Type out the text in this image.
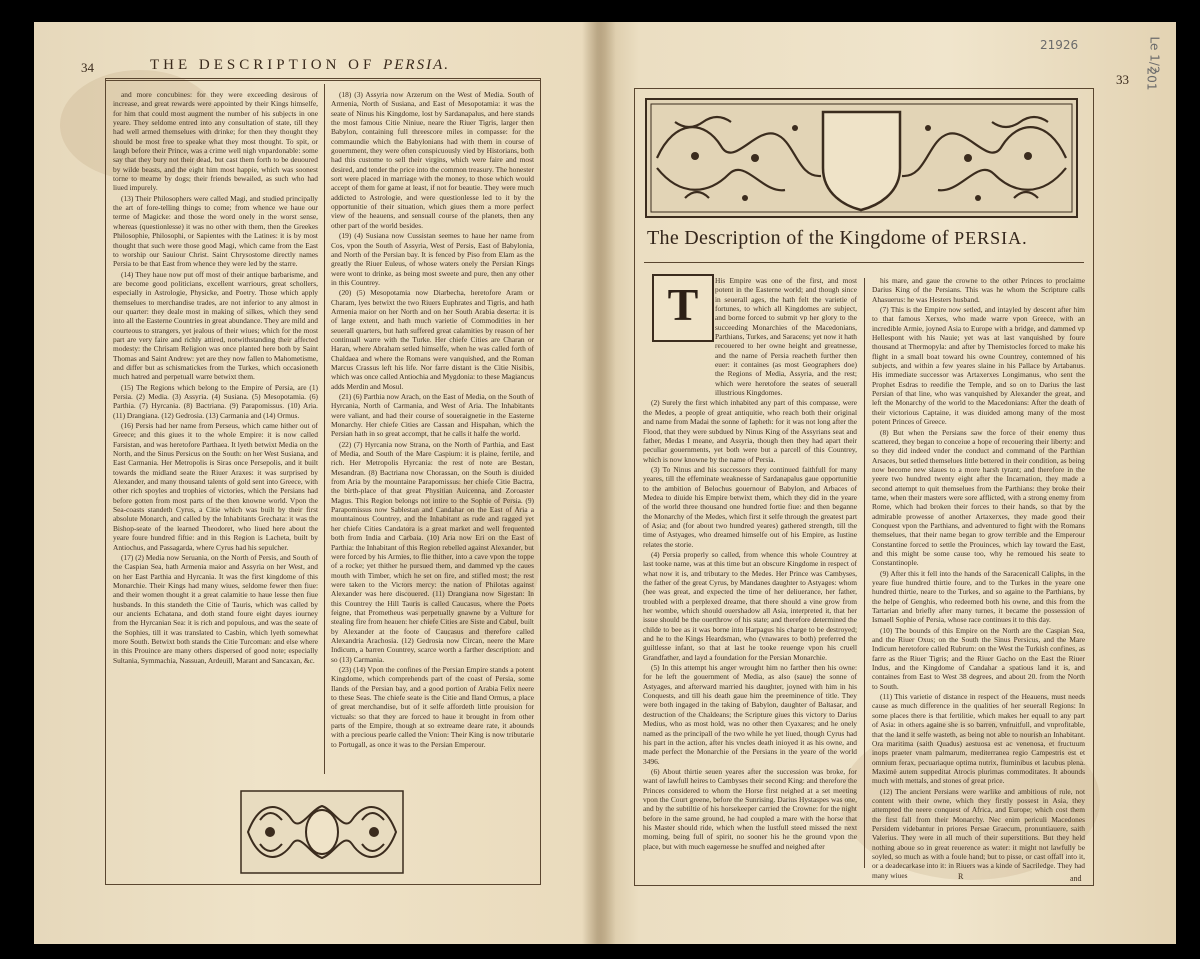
34	THE DESCRIPTION OF PERSIA.

and more concubines: for they were exceeding desirous of increase, and great rewards were appointed by their Kings himselfe, for him that could most augment the number of his subjects in one yeare. They seldome entred into any consultation of state, till they had well armed themselues with drinke; for then they thought they should be most free to speake what they most thought. To spit, or laugh before their Prince, was a crime well nigh vnpardonable: some say that they bury not their dead, but cast them forth to be deuoured by wilde beasts, and the eight him most happie, which was soonest torne to meame by dogs; their friends bewailed, as such who had liued impurely.

(13) Their Philosophers were called Magi, and studied principally the art of fore-telling things to come; from whence we haue our terme of Magicke: and those the word onely in the worst sense, whereas (questionlesse) it was no other with them, then the Greekes Philosophie, Philosophi, or Sapientes with the Latines: it is by most thought that such were those good Magi, which came from the East to worship our Sauiour Christ. Saint Chrysostome directly names Persia to be that East from whence they were led by the starre.

(14) They haue now put off most of their antique barbarisme, and are become good politicians, excellent warriours, great schollers, especially in Astrologie, Physicke, and Poetry. Those which apply themselues to merchandise trades, are not inferior to any almost in our quarter: they deale most in making of silkes, which they send into all the Easterne Countries in great abundance. They are mild and courteous to strangers, yet jealous of their wiues; which for the most part are very faire and richly attired, notwithstanding their affected modesty: the Chrisam Religion was once planted here both by Saint Thomas and Saint Andrew: yet are they now fallen to Mahometisme, and differ but as schismatickes from the Turkes, which occasioneth much hatred and perpetuall warre betwixt them.

(15) The Regions which belong to the Empire of Persia, are (1) Persia. (2) Media. (3) Assyria. (4) Susiana. (5) Mesopotamia. (6) Parthia. (7) Hyrcania. (8) Bactriana. (9) Parapomissus. (10) Aria. (11) Drangiana. (12) Gedrosia. (13) Carmania and (14) Ormus.

(16) Persis had her name from Perseus, which came hither out of Greece; and this giues it to the whole Empire: it is now called Farsistan, and was heretofore Parthaea. It lyeth betwixt Media on the North, and the Sinus Persicus on the South: on her West Susiana, and East Carmania. Her Metropolis is Siras once Persepolis, and it built towards the midland seate the Riuer Araxes: it was surprised by Alexander, and many thousand talents of gold sent into Greece, with other rich spoyles and trophies of victories, which the Persians had before gotten from most parts of the then knowne world. Vpon the Sea-coasts standeth Cyrus, a Citie which was built by their first absolute Monarch, and called by the Inhabitants Grechata: it was the Bishop-seate of the learned Theodoret, who liued here about the yeare foure hundred fiftie: and in this Region is Lacheta, built by Antiochus, and Passagarda, where Cyrus had his sepulcher.

(17) (2) Media now Seruania, on the North of Persis, and South of the Caspian Sea, hath Armenia maior and Assyria on her West, and on her East Parthia and Hyrcania. It was the first kingdome of this Monarchie. Their Kings had many wiues, seldome fewer then fiue: and their women thought it a great calamitie to haue lesse then fiue husbands. In this standeth the Citie of Tauris, which was called by our ancients Echatana, and doth stand foure eight dayes iourney from the Hyrcanian Sea: it is rich and populous, and was the seate of the Sophies, till it was translated to Casbin, which lyeth somewhat more South. Betwixt both stands the Citie Turcoman: and else where in this Prouince are many others dispersed of good note; especially Sultania, Symmachia, Nassuan, Ardeuill, Marant and Sancaxan, &c.

(18) (3) Assyria now Arzerum on the West of Media. South of Armenia, North of Susiana, and East of Mesopotamia: it was the seate of Ninus his Kingdome, lost by Sardanapalus, and here stands the most famous Citie Niniue, neare the Riuer Tigris, larger then Babylon, containing full threescore miles in compasse: for the commaundie which the Babylonians had with them in course of gouernment, they were often conspicuously vied by Historians, both had this custome to sell their virgins, which were faire and most desired, and tender the price into the common treasury. The honester sort were placed in marriage with the money, to those which would accept of them for game at least, if not for beautie. They were much addicted to Astrologie, and were questionlesse led to it by the opportunitie of their situation, which giues them a more perfect view of the heauens, and sensuall course of the planets, then any other part of the world besides.

(19) (4) Susiana now Cussistan seemes to haue her name from Cos, vpon the South of Assyria, West of Persis, East of Babylonia, and North of the Persian bay. It is fenced by Piso from Elam as the greatly the Riuer Euleus, of whose waters onely the Persian Kings were wont to drinke, as being most sweete and pure, then any other in this Countrey.

(20) (5) Mesopotamia now Diarbecha, heretofore Aram or Charam, lyes betwixt the two Riuers Euphrates and Tigris, and hath Armenia maior on her North and on her South Arabia deserta: it is of large extent, and hath much varietie of Commodities in her seuerall quarters, but hath suffered great calamities by reason of her continuall warre with the Turke. Her chiefe Cities are Charan or Haran, where Abraham setled himselfe, when he was called forth of Chaldaea and where the Romans were vanquished, and the Roman Marcus Crassus left his life. Nor farre distant is the Citie Nisibis, which was once called Antiochia and Mygdonia: to these Magiancus adds Merdin and Mosul.

(21) (6) Parthia now Arach, on the East of Media, on the South of Hyrcania, North of Carmania, and West of Aria. The Inhabitants were valiant, and had their course of soueraignetie in the Easterne Monarchy. Her chiefe Cities are Cassan and Hispahan, which the Persian hath in so great accompt, that he calls it halfe the world.

(22) (7) Hyrcania now Strana, on the North of Parthia, and East of Media, and South of the Mare Caspium: it is plaine, fertile, and rich. Her Metropolis Hyrcania: the rest of note are Bestan, Mesandran. (8) Bactriana now Chorassan, on the South is diuided from Aria by the mountaine Parapomissus: her chiefe Citie Bactra, the birth-place of that great Physitian Auicenna, and Zoroaster Magus. This Region belongs not intire to the Sophie of Persia. (9) Parapomissus now Sablestan and Candahar on the East of Aria a mountainous Countrey, and the Inhabitant as rude and ragged yet her chiefe Cities Candatora is a great market and well frequented both from India and Carbaia. (10) Aria now Eri on the East of Parthia: the Inhabitant of this Region rebelled against Alexander, but were forced by his Armies, to flie thither, into a cave vpon the toppe of a rocke; yet thither he pursued them, and dammed vp the caues mouth with Timber, which he set on fire, and stifled most; the rest were taken to the Victors mercy: the nation of Philotas against Alexander was here discouered. (11) Drangiana now Sigestan: In this Countrey the Hill Tauris is called Caucasus, where the Poets feigne, that Prometheus was perpetually gnawne by a Vulture for stealing fire from heauen: her chiefe Cities are Siste and Cabul, built by Alexander at the foote of Caucasus and therefore called Alexandria Arachosia. (12) Gedrosia now Circan, neere the Mare Indicum, a barren Countrey, scarce worth a farther description: and so (13) Carmania.

(23) (14) Vpon the confines of the Persian Empire stands a potent Kingdome, which comprehends part of the coast of Persia, some Ilands of the Persian bay, and a good portion of Arabia Felix neere to these Seas. The chiefe seate is the Citie and Iland Ormus, a place of great merchandise, but of it selfe affordeth little prouision for victuals: so that they are forced to haue it brought in from other parts of the Empire, though at so extreame deare rate, it abounds with a precious pearle called the Vnion: Their King is now tributarie to Portugall, as once it was to the Persian Emperour.

21926	Le 1/2
201
33
The Description of the Kingdome of PERSIA.
T	His Empire was one of the first, and most potent in the Easterne world; and though since in seuerall ages, the hath felt the varietie of fortunes, to which all Kingdomes are subject, and borne forced to submit vp her glory to the succeeding Monarchies of the Macedonians, Parthians, Turkes, and Saracens; yet now it hath recouered to her owne height and greatnesse, and the name of Persia reacheth further then euer: it containes (as most Geographers doe) the Regions of Media, Assyria, and the rest; which were heretofore the seates of seuerall illustrious Kingdomes.

(2) Surely the first which inhabited any part of this compasse, were the Medes, a people of great antiquitie, who reach both their original and name from Madai the sonne of Iapheth: for it was not long after the Flood, that they were subdued by Ninus King of the Assyrians seat and father, Medas I meane, and Assyria, though then they had apart their peculiar gouernments, yet both were but a parcell of this Countrey, which is now knowne by the name of Persia.

(3) To Ninus and his successors they continued faithfull for many yeares, till the effeminate weaknesse of Sardanapalus gaue opportunitie to the ambition of Belochus gouernour of Babylon, and Arbaces of Medea to diuide his Empire betwixt them, which they did in the yeare of the world three thousand one hundred fortie fiue: and then beganne the Monarchy of the Medes, which first it selfe through the greatest part of Asia; and (for about two hundred yeares) gathered strength, till the time of Astyages, who dreamed himselfe out of his Empire, as Iustine relates the storie.

(4) Persia properly so called, from whence this whole Countrey at last tooke name, was at this time but an obscure Kingdome in respect of what now it is, and tributary to the Medes. Her Prince was Cambyses, the father of the great Cyrus, by Mandanes daughter to Astyages: whom (hee was great, and expected the time of her deliuerance, her father, troubled with a perplexed dreame, that there should a vine grow from her wombe, which should ouershadow all Asia, interpreted it, that her issue should be the ouerthrow of his state; and therefore determined the childe to bee as it was borne into Harpagus his charge to be destroyed; and he to the Kings Heardsman, who (vnawares to both) preferred the guiltlesse infant, so that at last he tooke reuenge vpon his cruell Grandfather, and layd a foundation for the Persian Monarchie.

(5) In this attempt his anger wrought him no farther then his owne: for he left the gouernment of Media, as also (saue) the sonne of Astyages, and afterward married his daughter, joyned with him in his Conquests, and till his death gaue him the preeminence of title. They were both ingaged in the taking of Babylon, daughter of Baltasar, and destruction of the Chaldeans; the Scripture giues this victory to Darius Medius, who as most hold, was no other then Cyaxares; and he onely named as the principall of the two while he yet liued, though Cyrus had his part in the action, after his vncles death inioyed it as his owne, and made perfect the Monarchie of the Persians in the yeare of the world 3496.

(6) About thirtie seuen yeares after the succession was broke, for want of lawfull heires to Cambyses their second King: and therefore the Princes considered to whom the Horse first neighed at a set meeting vpon the Court greene, before the Sunrising. Darius Hystaspes was one, and by the subtiltie of his horsekeeper carried the Crowne: for the night before in the same ground, he had coupled a mare with the horse that his Master should ride, which when the lustfull steed missed the next morning, being full of spirit, no sooner his he the ground vpon the place, but with much eagernesse he snuffed and neighed after

his mare, and gaue the crowne to the other Princes to proclaime Darius King of the Persians. This was he whom the Scripture calls Ahasuerus: he was Hesters husband.

(7) This is the Empire now setled, and intayled by descent after him to that famous Xerxes, who made warre vpon Greece, with an incredible Armie, joyned Asia to Europe with a bridge, and dammed vp Hellespont with his Nauie; yet was at last vanquished by foure thousand at Thermopyla: and after by Themistocles forced to make his flight in a small boat toward his owne Countrey, contemned of his subjects, and within a few yeares slaine in his Pallace by Artabanus. His immediate successor was Artaxerxes Longimanus, who sent the Prophet Esdras to reedifie the Temple, and so on to Darius the last Persian of that line, who was vanquished by Alexander the great, and left the Monarchy of the world to the Macedonians: After the death of their victorious Captaine, it was diuided among many of the most potent Princes of Greece.

(8) But when the Persians saw the force of their enemy thus scattered, they began to conceiue a hope of recouering their liberty: and so they did indeed vnder the conduct and command of the Parthian Arsaces, but setled themselues little bettered in their condition, as being now become new slaues to a more harsh tyrant; and therefore in the yeere two hundred twenty eight after the Incarnation, they made a second attempt to quit themselues from the Parthians: they broke their tame, when their masters were sore afflicted, with a strong enemy from Rome, which had broken their forces to their hands, so that by the admirable prowesse of another Artaxerxes, they made good their Conquest vpon the Parthians, and adventured to fight with the Romans themselues, that their name began to grow terrible and the Emperour Constantine forced to settle the Prouinces, which lay toward the East, and this might be some cause too, why he remoued his seate to Constantinople.

(9) After this it fell into the hands of the Saracenicall Caliphs, in the yeare fiue hundred thirtie foure, and to the Turkes in the yeare one hundred thirtie, neare to the Turkes, and so againe to the Parthians, by the helpe of Genghis, who redeemed both his owne, and this from the Tartarian and briefly after many turnes, it became the possession of Ismaell Sophie of Persia, whose race continues it to this day.

(10) The bounds of this Empire on the North are the Caspian Sea, and the Riuer Oxus; on the South the Sinus Persicus, and the Mare Indicum heretofore called Rubrum: on the West the Turkish confines, as farre as the Riuer Tigris; and the Riuer Gacho on the East the Riuer Indus, and the Kingdome of Candahar a spatious land it is, and containes from East to West 38 degrees, and about 20. from the North to South.

(11) This varietie of distance in respect of the Heauens, must needs cause as much difference in the qualities of her seuerall Regions: In some places there is that fertilitie, which makes her equall to any part of Asia: in others againe she is so barren, vnfruitfull, and vnprofitable, that the land it selfe wasteth, as being not able to nourish an Inhabitant. Ora maritima (saith Quadus) aestuosa est ac venenosa, et fructuum inops praeter vnam palmarum, mediterranea regio Campestris est et omnium ferax, pecuariaque optima nutrix, fluminibus et lacubus plena. Maximè autem suppeditat Atrocis plurimas commoditates. It abounds much with mettals, and stones of great price.

(12) The ancient Persians were warlike and ambitious of rule, not content with their owne, which they firstly possest in Asia, they attempted the neere conquest of Africa, and Europe; which cost them the first fall from their Monarchy. Nec enim periculi Macedones Persidem videbantur in priores Persae Graecum, pronuntiauere, saith Valerius. They were in all much of their superstitions. But they held nothing aboue so in great reuerence as water: it might not lawfully be soyled, so much as with a foule hand; but to pisse, or cast offall into it, or a deadecarkase into it: in Riuers was a kinde of Sacriledge. They had many wiues	R	and
